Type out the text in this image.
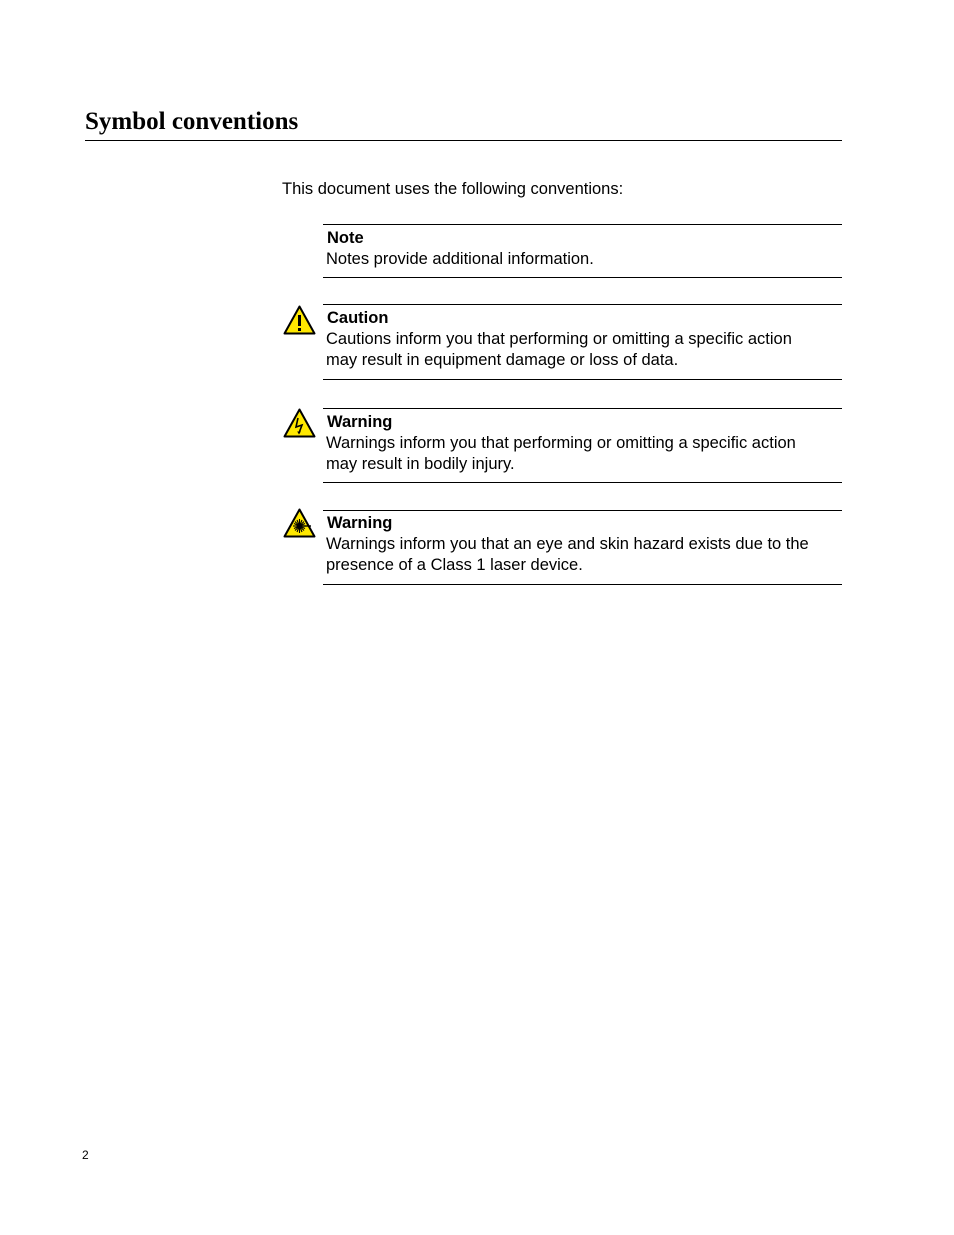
Symbol conventions

This document uses the following conventions:

Note
Notes provide additional information.
Caution
Cautions inform you that performing or omitting a specific action
may result in equipment damage or loss of data.
Warning
Warnings inform you that performing or omitting a specific action
may result in bodily injury.
Warning
Warnings inform you that an eye and skin hazard exists due to the
presence of a Class 1 laser device.
2
